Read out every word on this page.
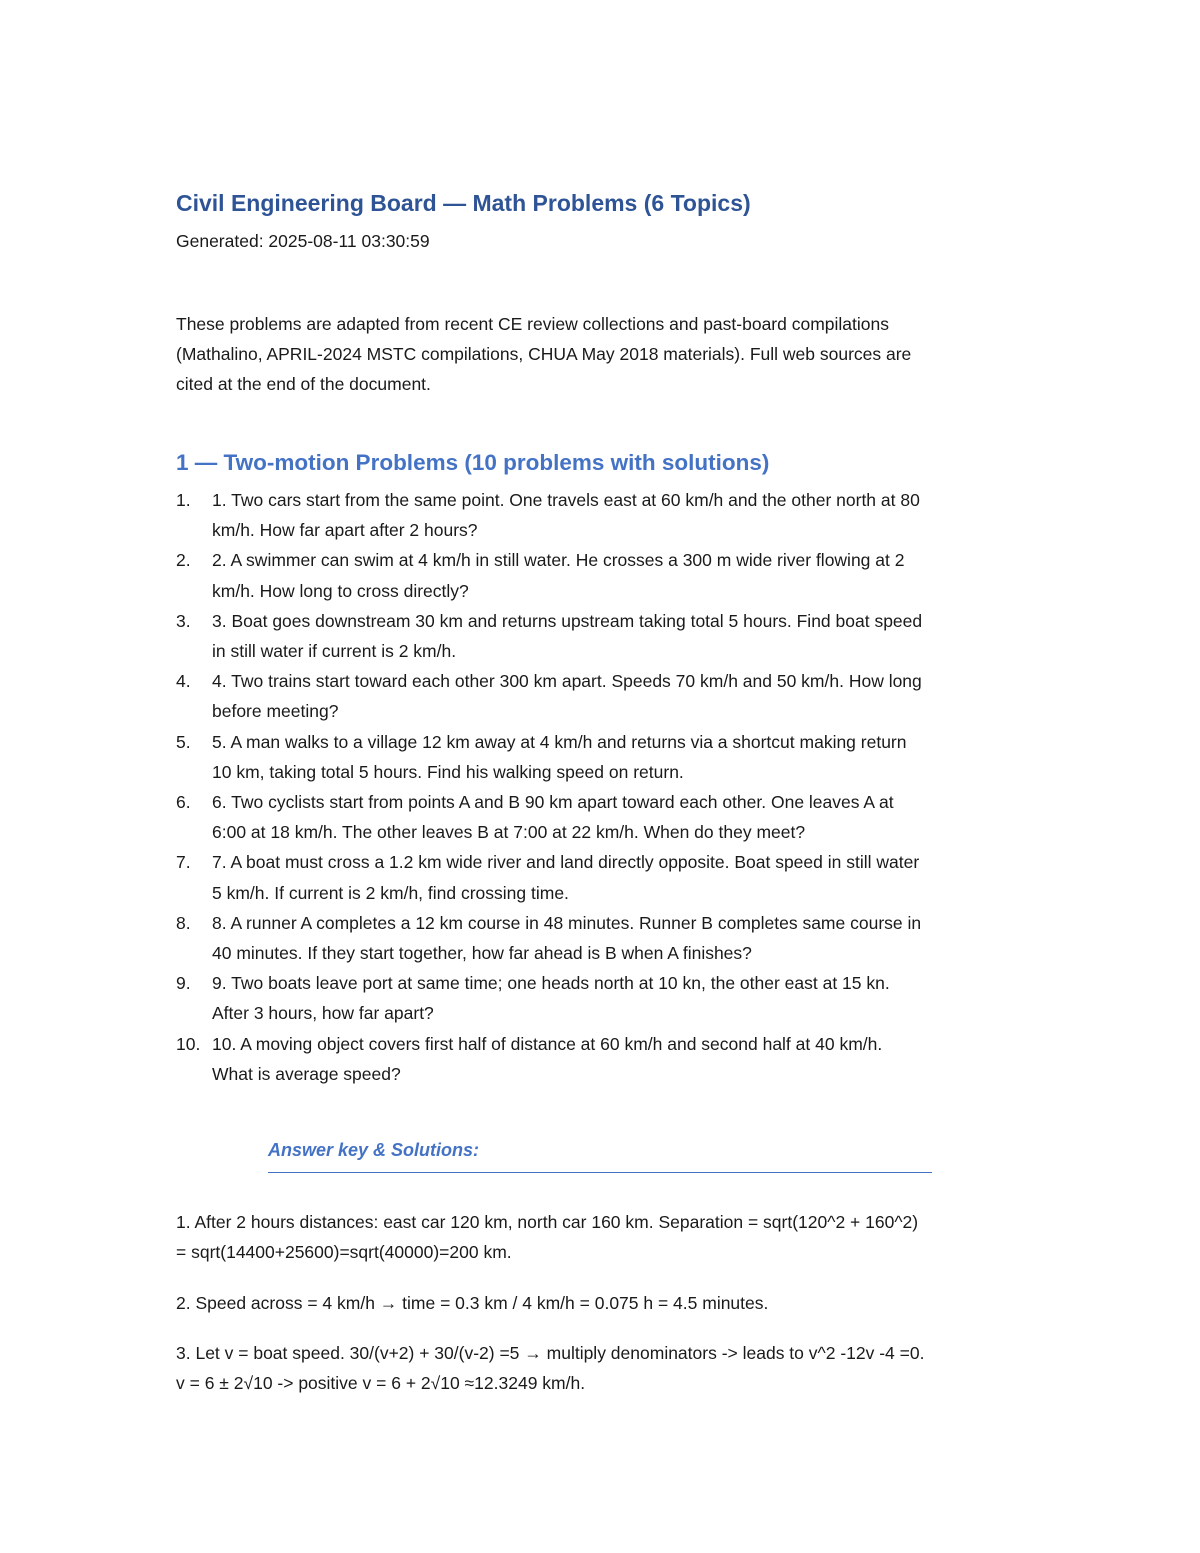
Civil Engineering Board — Math Problems (6 Topics)
Generated: 2025-08-11 03:30:59
These problems are adapted from recent CE review collections and past-board compilations
(Mathalino, APRIL-2024 MSTC compilations, CHUA May 2018 materials). Full web sources are
cited at the end of the document.
1 — Two-motion Problems (10 problems with solutions)
1. 1. Two cars start from the same point. One travels east at 60 km/h and the other north at 80
km/h. How far apart after 2 hours?
2. 2. A swimmer can swim at 4 km/h in still water. He crosses a 300 m wide river flowing at 2
km/h. How long to cross directly?
3. 3. Boat goes downstream 30 km and returns upstream taking total 5 hours. Find boat speed
in still water if current is 2 km/h.
4. 4. Two trains start toward each other 300 km apart. Speeds 70 km/h and 50 km/h. How long
before meeting?
5. 5. A man walks to a village 12 km away at 4 km/h and returns via a shortcut making return
10 km, taking total 5 hours. Find his walking speed on return.
6. 6. Two cyclists start from points A and B 90 km apart toward each other. One leaves A at
6:00 at 18 km/h. The other leaves B at 7:00 at 22 km/h. When do they meet?
7. 7. A boat must cross a 1.2 km wide river and land directly opposite. Boat speed in still water
5 km/h. If current is 2 km/h, find crossing time.
8. 8. A runner A completes a 12 km course in 48 minutes. Runner B completes same course in
40 minutes. If they start together, how far ahead is B when A finishes?
9. 9. Two boats leave port at same time; one heads north at 10 kn, the other east at 15 kn.
After 3 hours, how far apart?
10. 10. A moving object covers first half of distance at 60 km/h and second half at 40 km/h.
What is average speed?
Answer key & Solutions:
1. After 2 hours distances: east car 120 km, north car 160 km. Separation = sqrt(120^2 + 160^2)
= sqrt(14400+25600)=sqrt(40000)=200 km.
2. Speed across = 4 km/h → time = 0.3 km / 4 km/h = 0.075 h = 4.5 minutes.
3. Let v = boat speed. 30/(v+2) + 30/(v-2) =5 → multiply denominators -> leads to v^2 -12v -4 =0.
v = 6 ± 2√10 -> positive v = 6 + 2√10 ≈12.3249 km/h.
